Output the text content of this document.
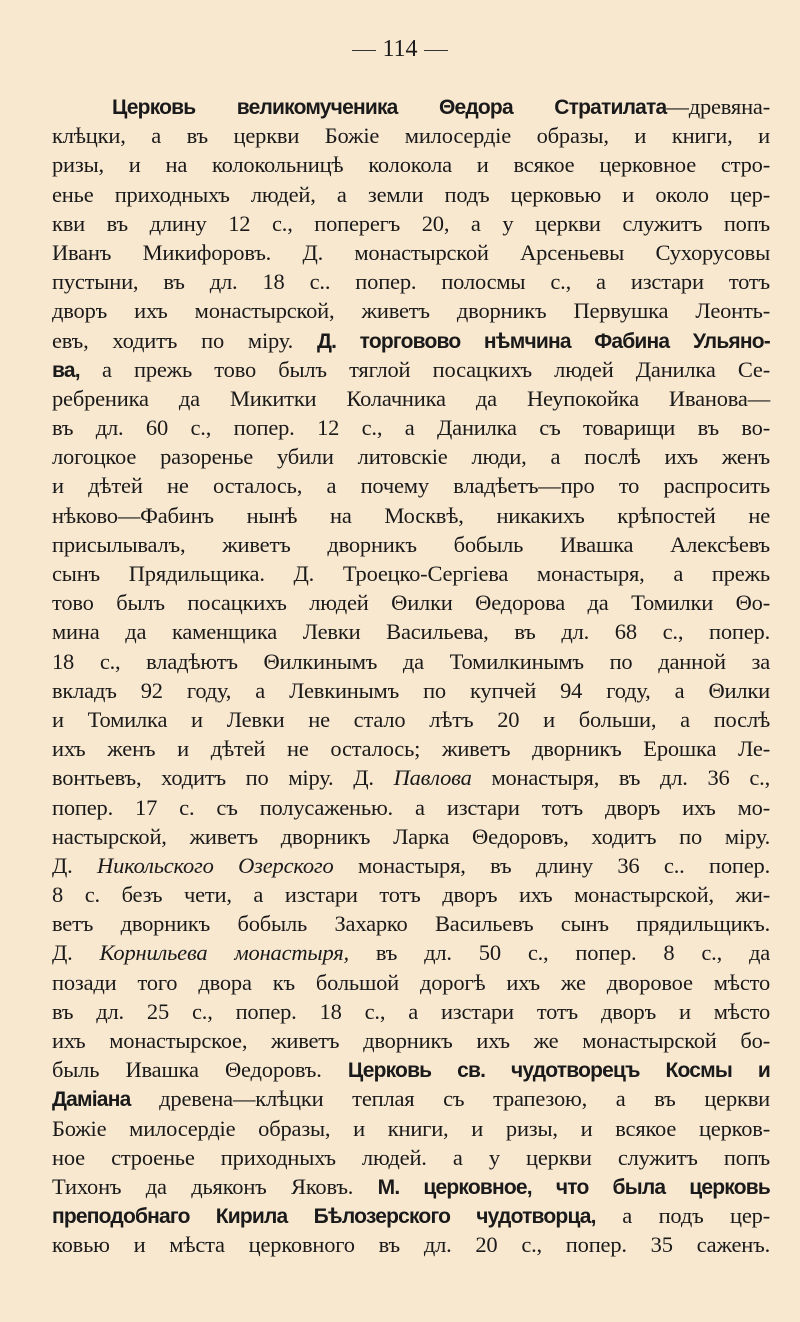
114
Церковь великомученика Θедора Стратилата—древяна-
клѣцки, а въ церкви Божіе милосердіе образы, и книги, и
ризы, и на колокольницѣ колокола и всякое церковное стро-
енье приходныхъ людей, а земли подъ церковью и около цер-
кви въ длину 12 с., поперегъ 20, а у церкви служитъ попъ
Иванъ Микифоровъ. Д. монастырской Арсеньевы Сухорусовы
пустыни, въ дл. 18 с.. попер. полосмы с., а изстари тотъ
дворъ ихъ монастырской, живетъ дворникъ Первушка Леонть-
евъ, ходитъ по міру. Д. торговово нѣмчина Фабина Ульяно-
ва, а прежь тово былъ тяглой посацкихъ людей Данилка Се-
ребреника да Микитки Колачника да Неупокойка Иванова—
въ дл. 60 с., попер. 12 с., а Данилка съ товарищи въ во-
логоцкое разоренье убили литовскіе люди, а послѣ ихъ женъ
и дѣтей не осталось, а почему владѣетъ—про то распросить
нѣково—Фабинъ нынѣ на Москвѣ, никакихъ крѣпостей не
присылывалъ, живетъ дворникъ бобыль Ивашка Алексѣевъ
сынъ Прядильщика. Д. Троецко-Сергіева монастыря, а прежь
тово былъ посацкихъ людей Θилки Θедорова да Томилки Θо-
мина да каменщика Левки Васильева, въ дл. 68 с., попер.
18 с., владѣютъ Θилкинымъ да Томилкинымъ по данной за
вкладъ 92 году, а Левкинымъ по купчей 94 году, а Θилки
и Томилка и Левки не стало лѣтъ 20 и больши, а послѣ
ихъ женъ и дѣтей не осталось; живетъ дворникъ Ерошка Ле-
вонтьевъ, ходитъ по міру. Д. Павлова монастыря, въ дл. 36 с.,
попер. 17 с. съ полусаженью. а изстари тотъ дворъ ихъ мо-
настырской, живетъ дворникъ Ларка Θедоровъ, ходитъ по міру.
Д. Никольского Озерского монастыря, въ длину 36 с.. попер.
8 с. безъ чети, а изстари тотъ дворъ ихъ монастырской, жи-
ветъ дворникъ бобыль Захарко Васильевъ сынъ прядильщикъ.
Д. Корнильева монастыря, въ дл. 50 с., попер. 8 с., да
позади того двора къ большой дорогѣ ихъ же дворовое мѣсто
въ дл. 25 с., попер. 18 с., а изстари тотъ дворъ и мѣсто
ихъ монастырское, живетъ дворникъ ихъ же монастырской бо-
быль Ивашка Θедоровъ. Церковь св. чудотворецъ Космы и
Даміана древена—клѣцки теплая съ трапезою, а въ церкви
Божіе милосердіе образы, и книги, и ризы, и всякое церков-
ное строенье приходныхъ людей. а у церкви служитъ попъ
Тихонъ да дьяконъ Яковъ. М. церковное, что была церковь
преподобнаго Кирила Бѣлозерского чудотворца, а подъ цер-
ковью и мѣста церковного въ дл. 20 с., попер. 35 саженъ.
